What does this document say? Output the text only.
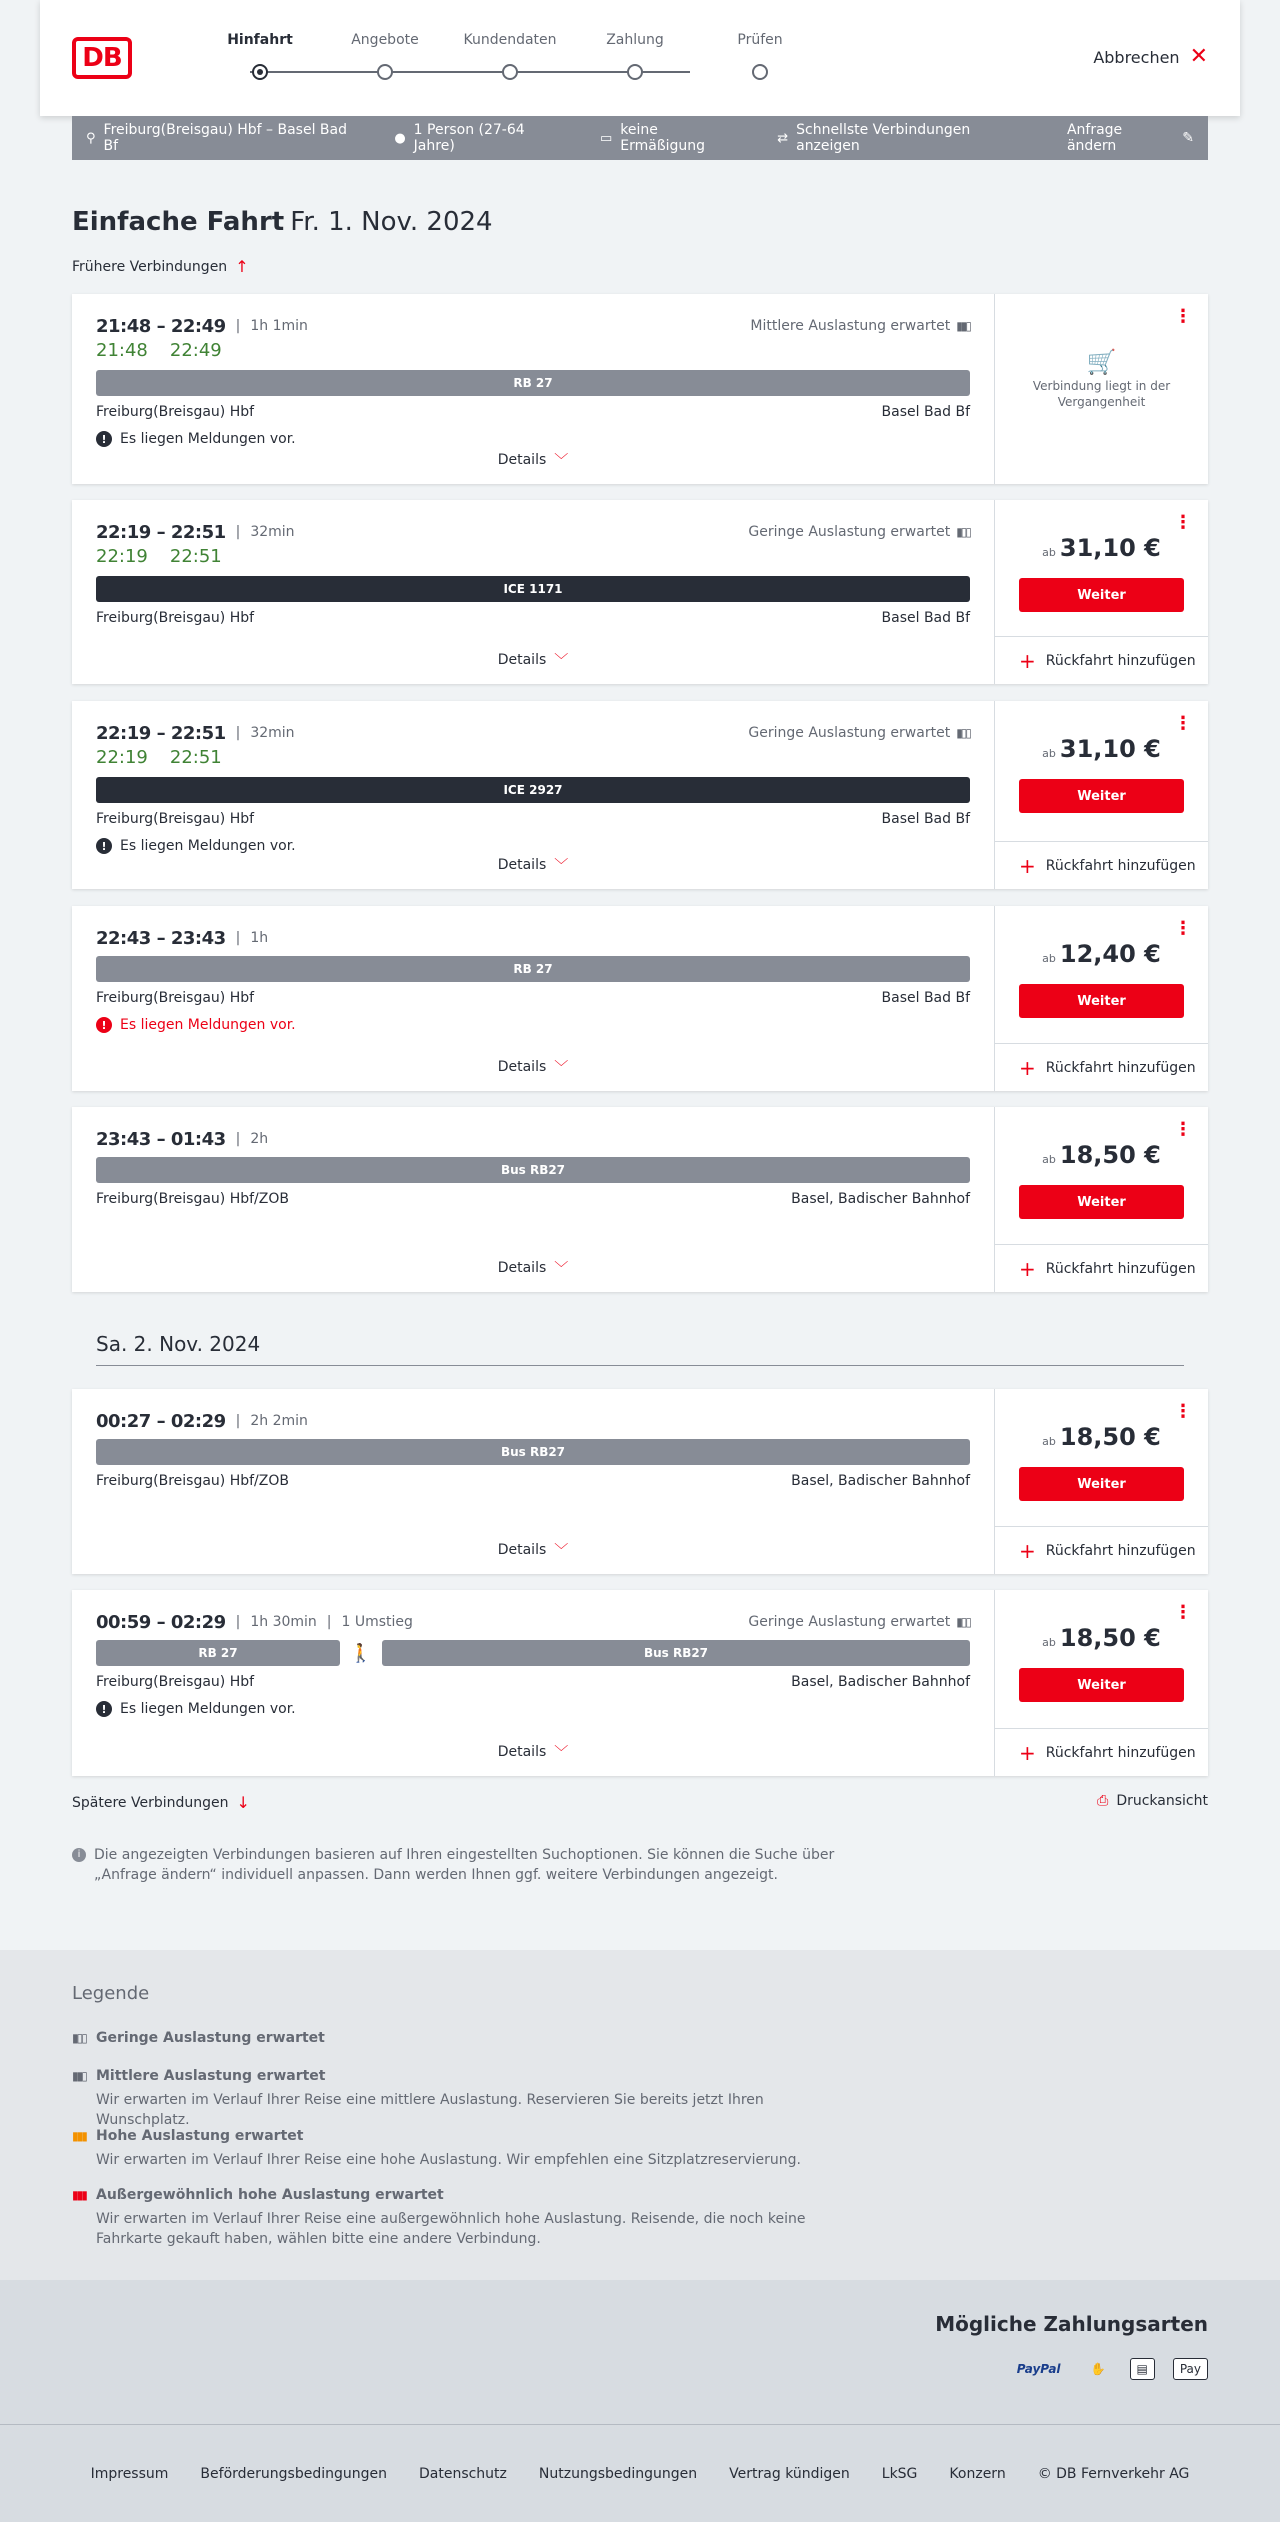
DB
Hinfahrt	Angebote	Kundendaten	Zahlung	Prüfen
Abbrechen ✕
⚲ Freiburg(Breisgau) Hbf – Basel Bad Bf	● 1 Person (27-64 Jahre)	▭ keine Ermäßigung	⇄ Schnellste Verbindungen anzeigen
Anfrage ändern	✎
Einfache Fahrt Fr. 1. Nov. 2024
Frühere Verbindungen ↑
21:48 – 22:49 | 1h 1min	Mittlere Auslastung erwartet ▮▮▯
21:48 22:49
RB 27
Freiburg(Breisgau) Hbf	Basel Bad Bf
! Es liegen Meldungen vor.
Details ﹀
⋮
🛒
Verbindung liegt in der Vergangenheit
22:19 – 22:51 | 32min	Geringe Auslastung erwartet ▮▯▯
22:19 22:51
ICE 1171
Freiburg(Breisgau) Hbf	Basel Bad Bf
Details ﹀
⋮
ab 31,10 €
Weiter
+ Rückfahrt hinzufügen
22:19 – 22:51 | 32min	Geringe Auslastung erwartet ▮▯▯
22:19 22:51
ICE 2927
Freiburg(Breisgau) Hbf	Basel Bad Bf
! Es liegen Meldungen vor.
Details ﹀
⋮
ab 31,10 €
Weiter
+ Rückfahrt hinzufügen
22:43 – 23:43 | 1h
RB 27
Freiburg(Breisgau) Hbf	Basel Bad Bf
! Es liegen Meldungen vor.
Details ﹀
⋮
ab 12,40 €
Weiter
+ Rückfahrt hinzufügen
23:43 – 01:43 | 2h
Bus RB27
Freiburg(Breisgau) Hbf/ZOB	Basel, Badischer Bahnhof
Details ﹀
⋮
ab 18,50 €
Weiter
+ Rückfahrt hinzufügen
Sa. 2. Nov. 2024
00:27 – 02:29 | 2h 2min
Bus RB27
Freiburg(Breisgau) Hbf/ZOB	Basel, Badischer Bahnhof
Details ﹀
⋮
ab 18,50 €
Weiter
+ Rückfahrt hinzufügen
00:59 – 02:29 | 1h 30min | 1 Umstieg	Geringe Auslastung erwartet ▮▯▯
RB 27	🚶	Bus RB27
Freiburg(Breisgau) Hbf	Basel, Badischer Bahnhof
! Es liegen Meldungen vor.
Details ﹀
⋮
ab 18,50 €
Weiter
+ Rückfahrt hinzufügen
Spätere Verbindungen ↓	⎙ Druckansicht
i Die angezeigten Verbindungen basieren auf Ihren eingestellten Suchoptionen. Sie können die Suche über „Anfrage ändern“ individuell anpassen. Dann werden Ihnen ggf. weitere Verbindungen angezeigt.
Legende
▮▯▯ Geringe Auslastung erwartet
▮▮▯ Mittlere Auslastung erwartet
Wir erwarten im Verlauf Ihrer Reise eine mittlere Auslastung. Reservieren Sie bereits jetzt Ihren Wunschplatz.
▮▮▮ Hohe Auslastung erwartet
Wir erwarten im Verlauf Ihrer Reise eine hohe Auslastung. Wir empfehlen eine Sitzplatzreservierung.
▮▮▮ Außergewöhnlich hohe Auslastung erwartet
Wir erwarten im Verlauf Ihrer Reise eine außergewöhnlich hohe Auslastung. Reisende, die noch keine Fahrkarte gekauft haben, wählen bitte eine andere Verbindung.
Mögliche Zahlungsarten
PayPal	✋	▤	Pay
Impressum Beförderungsbedingungen Datenschutz Nutzungsbedingungen Vertrag kündigen LkSG Konzern © DB Fernverkehr AG
